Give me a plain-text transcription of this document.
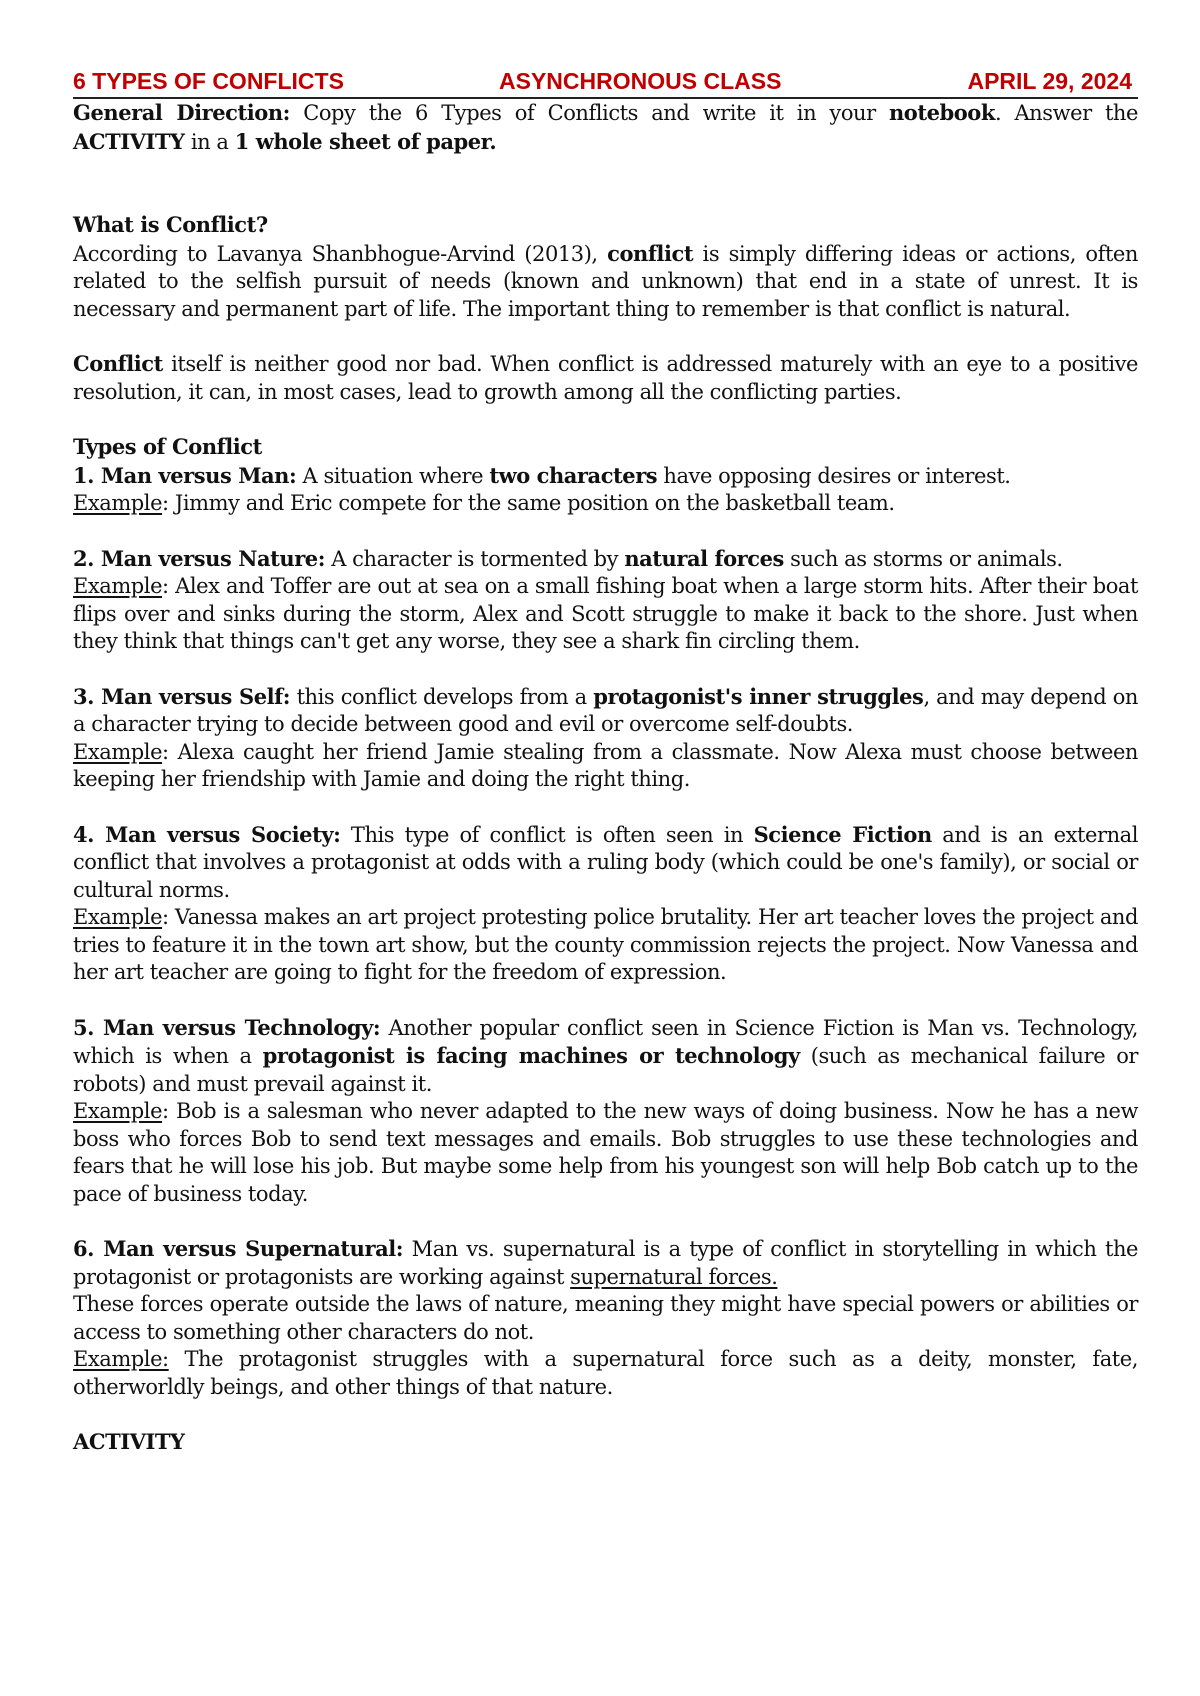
6 TYPES OF CONFLICTS	ASYNCHRONOUS CLASS	APRIL 29, 2024

General Direction: Copy the 6 Types of Conflicts and write it in your notebook. Answer the ACTIVITY in a 1 whole sheet of paper.

What is Conflict?

According to Lavanya Shanbhogue-Arvind (2013), conflict is simply differing ideas or actions, often related to the selfish pursuit of needs (known and unknown) that end in a state of unrest. It is necessary and permanent part of life. The important thing to remember is that conflict is natural.

Conflict itself is neither good nor bad. When conflict is addressed maturely with an eye to a positive resolution, it can, in most cases, lead to growth among all the conflicting parties.

Types of Conflict

1. Man versus Man: A situation where two characters have opposing desires or interest.

Example: Jimmy and Eric compete for the same position on the basketball team.

2. Man versus Nature: A character is tormented by natural forces such as storms or animals.

Example: Alex and Toffer are out at sea on a small fishing boat when a large storm hits. After their boat flips over and sinks during the storm, Alex and Scott struggle to make it back to the shore. Just when they think that things can't get any worse, they see a shark fin circling them.

3. Man versus Self: this conflict develops from a protagonist's inner struggles, and may depend on a character trying to decide between good and evil or overcome self-doubts.

Example: Alexa caught her friend Jamie stealing from a classmate. Now Alexa must choose between keeping her friendship with Jamie and doing the right thing.

4. Man versus Society: This type of conflict is often seen in Science Fiction and is an external conflict that involves a protagonist at odds with a ruling body (which could be one's family), or social or cultural norms.

Example: Vanessa makes an art project protesting police brutality. Her art teacher loves the project and tries to feature it in the town art show, but the county commission rejects the project. Now Vanessa and her art teacher are going to fight for the freedom of expression.

5. Man versus Technology: Another popular conflict seen in Science Fiction is Man vs. Technology, which is when a protagonist is facing machines or technology (such as mechanical failure or robots) and must prevail against it.

Example: Bob is a salesman who never adapted to the new ways of doing business. Now he has a new boss who forces Bob to send text messages and emails. Bob struggles to use these technologies and fears that he will lose his job. But maybe some help from his youngest son will help Bob catch up to the pace of business today.

6. Man versus Supernatural: Man vs. supernatural is a type of conflict in storytelling in which the protagonist or protagonists are working against supernatural forces.

These forces operate outside the laws of nature, meaning they might have special powers or abilities or access to something other characters do not.

Example: The protagonist struggles with a supernatural force such as a deity, monster, fate, otherworldly beings, and other things of that nature.

ACTIVITY
